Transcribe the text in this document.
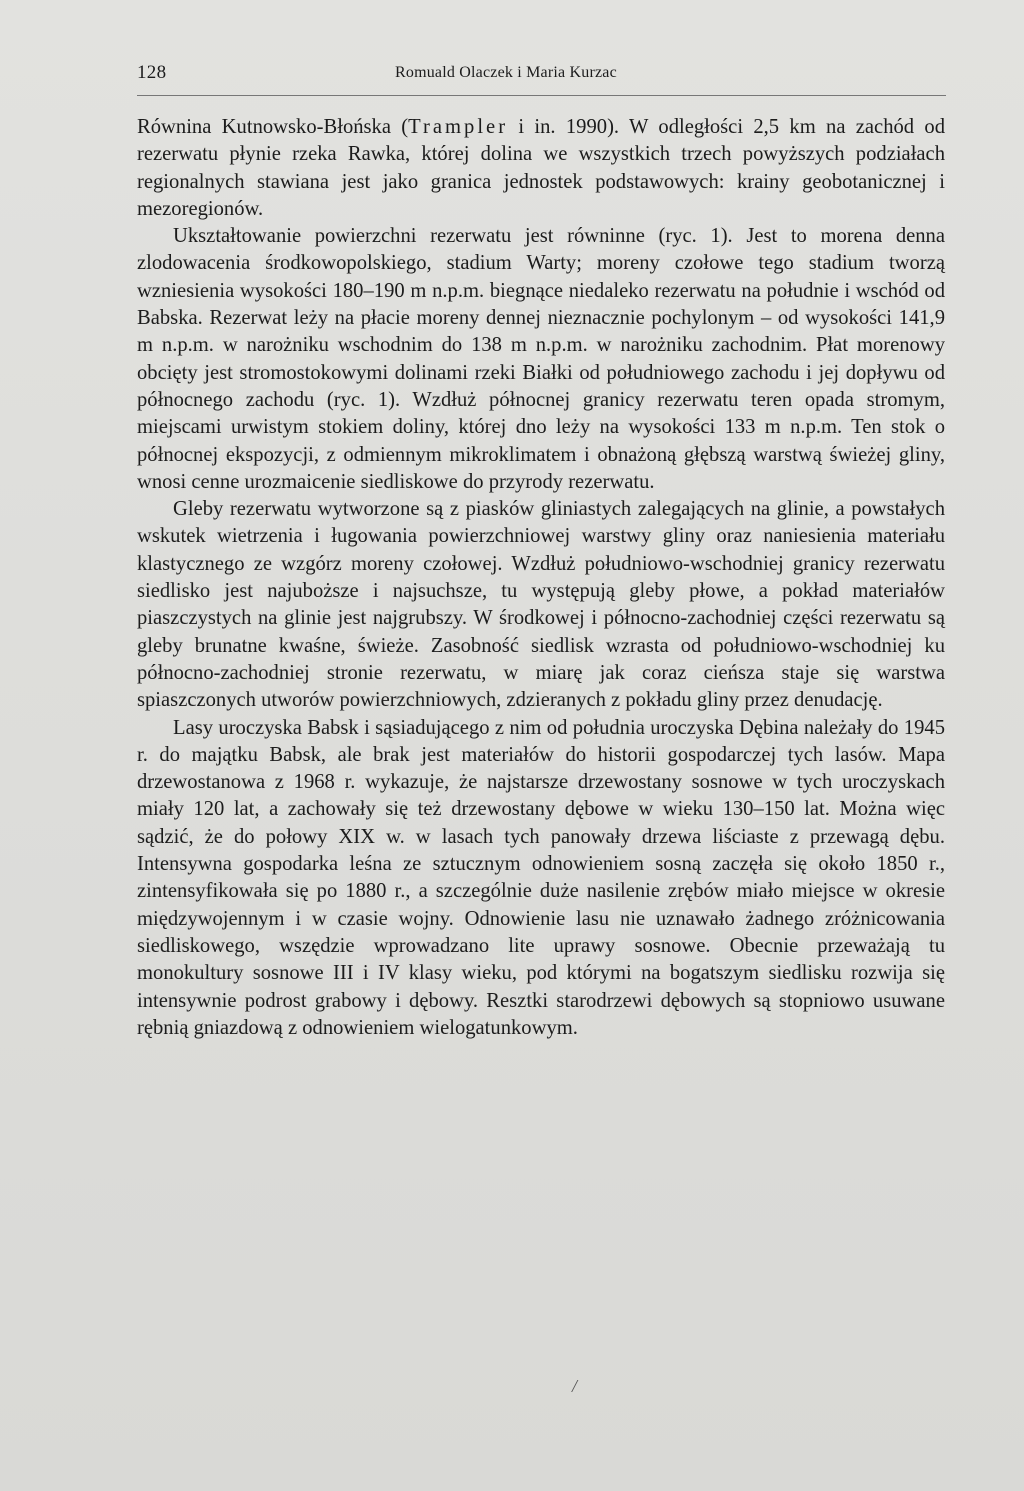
128	Romuald Olaczek i Maria Kurzac

Równina Kutnowsko-Błońska (Trampler i in. 1990). W odległości 2,5 km na zachód od rezerwatu płynie rzeka Rawka, której dolina we wszystkich trzech powyższych podziałach regionalnych stawiana jest jako granica jednostek podstawowych: krainy geobotanicznej i mezoregionów.

Ukształtowanie powierzchni rezerwatu jest równinne (ryc. 1). Jest to morena denna zlodowacenia środkowopolskiego, stadium Warty; moreny czołowe tego stadium tworzą wzniesienia wysokości 180–190 m n.p.m. biegnące niedaleko rezerwatu na południe i wschód od Babska. Rezerwat leży na płacie moreny dennej nieznacznie pochylonym – od wysokości 141,9 m n.p.m. w narożniku wschodnim do 138 m n.p.m. w narożniku zachodnim. Płat morenowy obcięty jest stromostokowymi dolinami rzeki Białki od południowego zachodu i jej dopływu od północnego zachodu (ryc. 1). Wzdłuż północnej granicy rezerwatu teren opada stromym, miejscami urwistym stokiem doliny, której dno leży na wysokości 133 m n.p.m. Ten stok o północnej ekspozycji, z odmiennym mikroklimatem i obnażoną głębszą warstwą świeżej gliny, wnosi cenne urozmaicenie siedliskowe do przyrody rezerwatu.

Gleby rezerwatu wytworzone są z piasków gliniastych zalegających na glinie, a powstałych wskutek wietrzenia i ługowania powierzchniowej warstwy gliny oraz naniesienia materiału klastycznego ze wzgórz moreny czołowej. Wzdłuż południowo-wschodniej granicy rezerwatu siedlisko jest najuboższe i najsuchsze, tu występują gleby płowe, a pokład materiałów piaszczystych na glinie jest najgrubszy. W środkowej i północno-zachodniej części rezerwatu są gleby brunatne kwaśne, świeże. Zasobność siedlisk wzrasta od południowo-wschodniej ku północno-zachodniej stronie rezerwatu, w miarę jak coraz cieńsza staje się warstwa spiaszczonych utworów powierzchniowych, zdzieranych z pokładu gliny przez denudację.

Lasy uroczyska Babsk i sąsiadującego z nim od południa uroczyska Dębina należały do 1945 r. do majątku Babsk, ale brak jest materiałów do historii gospodarczej tych lasów. Mapa drzewostanowa z 1968 r. wykazuje, że najstarsze drzewostany sosnowe w tych uroczyskach miały 120 lat, a zachowały się też drzewostany dębowe w wieku 130–150 lat. Można więc sądzić, że do połowy XIX w. w lasach tych panowały drzewa liściaste z przewagą dębu. Intensywna gospodarka leśna ze sztucznym odnowieniem sosną zaczęła się około 1850 r., zintensyfikowała się po 1880 r., a szczególnie duże nasilenie zrębów miało miejsce w okresie międzywojennym i w czasie wojny. Odnowienie lasu nie uznawało żadnego zróżnicowania siedliskowego, wszędzie wprowadzano lite uprawy sosnowe. Obecnie przeważają tu monokultury sosnowe III i IV klasy wieku, pod którymi na bogatszym siedlisku rozwija się intensywnie podrost grabowy i dębowy. Resztki starodrzewi dębowych są stopniowo usuwane rębnią gniazdową z odnowieniem wielogatunkowym.

/
